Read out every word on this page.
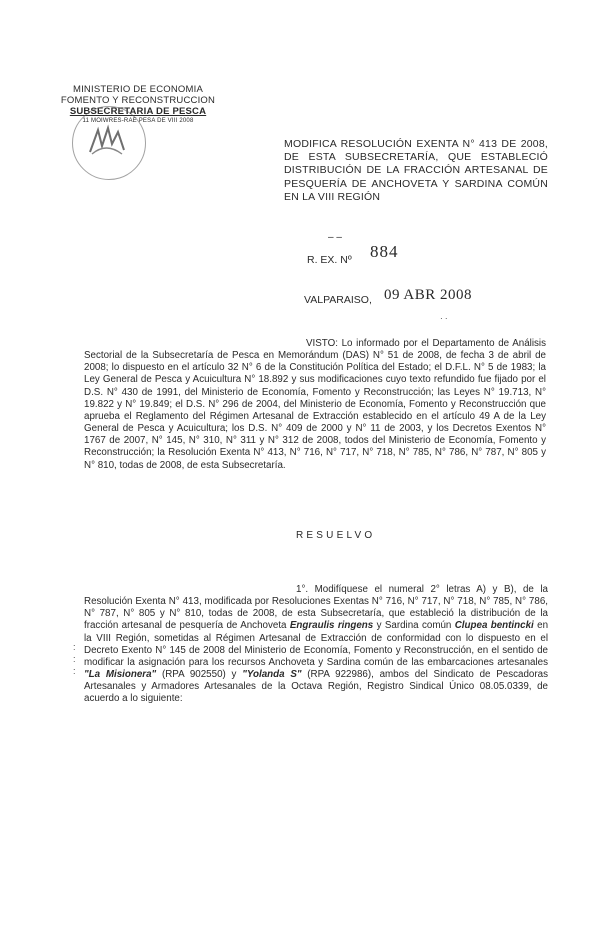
MINISTERIO DE ECONOMIA
FOMENTO Y RECONSTRUCCION
SUBSECRETARIA DE PESCA
11 MOIWRES-RAE PESA DE VIII 2008
MODIFICA RESOLUCIÓN EXENTA N° 413 DE 2008, DE ESTA SUBSECRETARÍA, QUE ESTABLECIÓ DISTRIBUCIÓN DE LA FRACCIÓN ARTESANAL DE PESQUERÍA DE ANCHOVETA Y SARDINA COMÚN EN LA VIII REGIÓN
– –
R. EX. Nº 884
VALPARAISO, 09 ABR 2008
· ·
VISTO: Lo informado por el Departamento de Análisis Sectorial de la Subsecretaría de Pesca en Memorándum (DAS) N° 51 de 2008, de fecha 3 de abril de 2008; lo dispuesto en el artículo 32 N° 6 de la Constitución Política del Estado; el D.F.L. N° 5 de 1983; la Ley General de Pesca y Acuicultura N° 18.892 y sus modificaciones cuyo texto refundido fue fijado por el D.S. N° 430 de 1991, del Ministerio de Economía, Fomento y Reconstrucción; las Leyes N° 19.713, N° 19.822 y N° 19.849; el D.S. N° 296 de 2004, del Ministerio de Economía, Fomento y Reconstrucción que aprueba el Reglamento del Régimen Artesanal de Extracción establecido en el artículo 49 A de la Ley General de Pesca y Acuicultura; los D.S. N° 409 de 2000 y N° 11 de 2003, y los Decretos Exentos N° 1767 de 2007, N° 145, N° 310, N° 311 y N° 312 de 2008, todos del Ministerio de Economía, Fomento y Reconstrucción; la Resolución Exenta N° 413, N° 716, N° 717, N° 718, N° 785, N° 786, N° 787, N° 805 y N° 810, todas de 2008, de esta Subsecretaría.
RESUELVO
1°. Modifíquese el numeral 2° letras A) y B), de la Resolución Exenta N° 413, modificada por Resoluciones Exentas N° 716, N° 717, N° 718, N° 785, N° 786, N° 787, N° 805 y N° 810, todas de 2008, de esta Subsecretaría, que estableció la distribución de la fracción artesanal de pesquería de Anchoveta Engraulis ringens y Sardina común Clupea bentincki en la VIII Región, sometidas al Régimen Artesanal de Extracción de conformidad con lo dispuesto en el Decreto Exento N° 145 de 2008 del Ministerio de Economía, Fomento y Reconstrucción, en el sentido de modificar la asignación para los recursos Anchoveta y Sardina común de las embarcaciones artesanales "La Misionera" (RPA 902550) y "Yolanda S" (RPA 922986), ambos del Sindicato de Pescadoras Artesanales y Armadores Artesanales de la Octava Región, Registro Sindical Único 08.05.0339, de acuerdo a lo siguiente:
:
:
:
